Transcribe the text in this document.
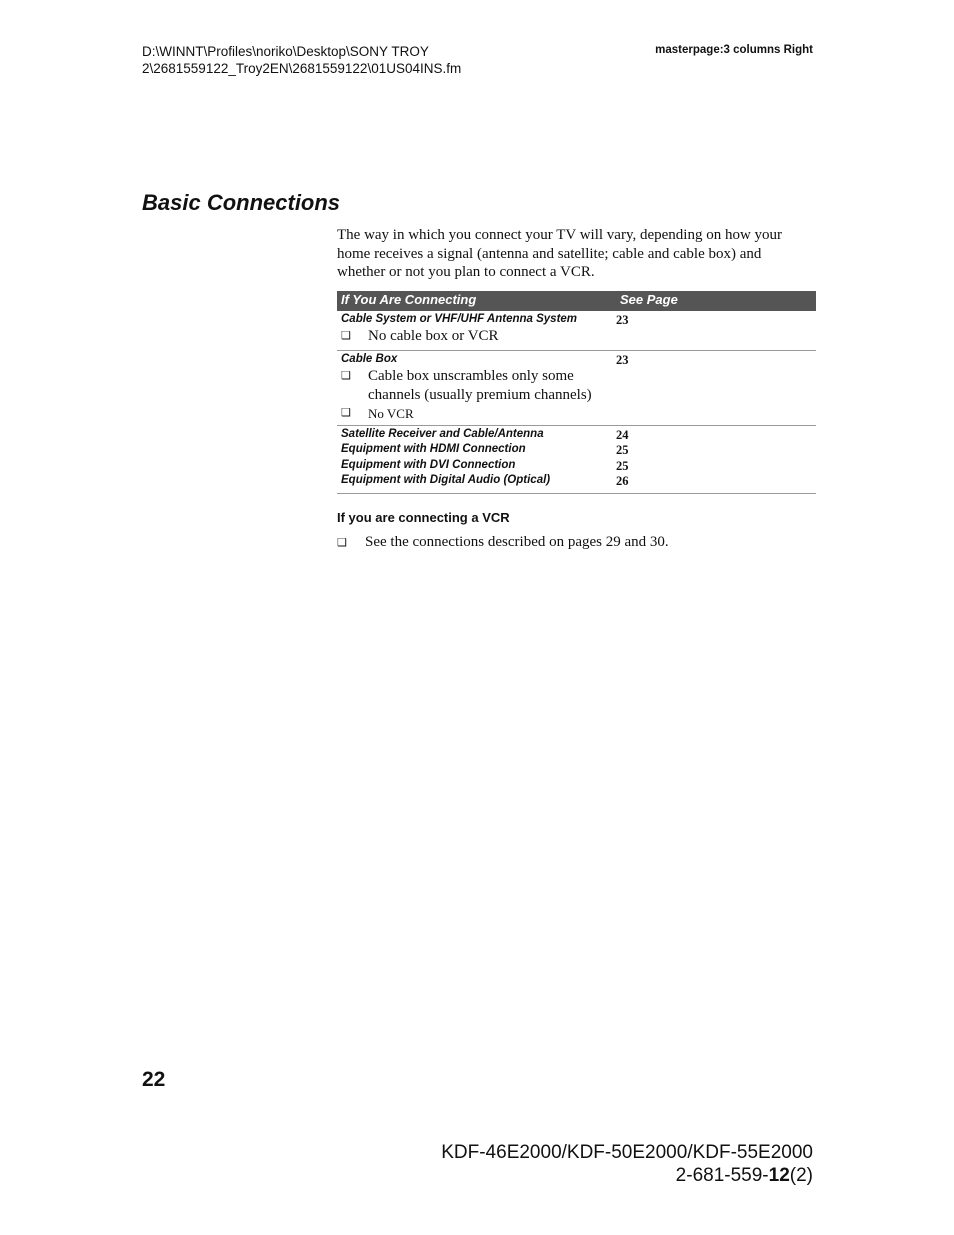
D:\WINNT\Profiles\noriko\Desktop\SONY TROY
2\2681559122_Troy2EN\2681559122\01US04INS.fm
masterpage:3 columns Right
Basic Connections

The way in which you connect your TV will vary, depending on how your home receives a signal (antenna and satellite; cable and cable box) and whether or not you plan to connect a VCR.

If You Are Connecting	See Page
Cable System or VHF/UHF Antenna System	23
❑ No cable box or VCR
Cable Box	23
❑ Cable box unscrambles only some channels (usually premium channels)
❑ No VCR
Satellite Receiver and Cable/Antenna	24
Equipment with HDMI Connection	25
Equipment with DVI Connection	25
Equipment with Digital Audio (Optical)	26
If you are connecting a VCR
❑ See the connections described on pages 29 and 30.
22
KDF-46E2000/KDF-50E2000/KDF-55E2000
2-681-559-12(2)
